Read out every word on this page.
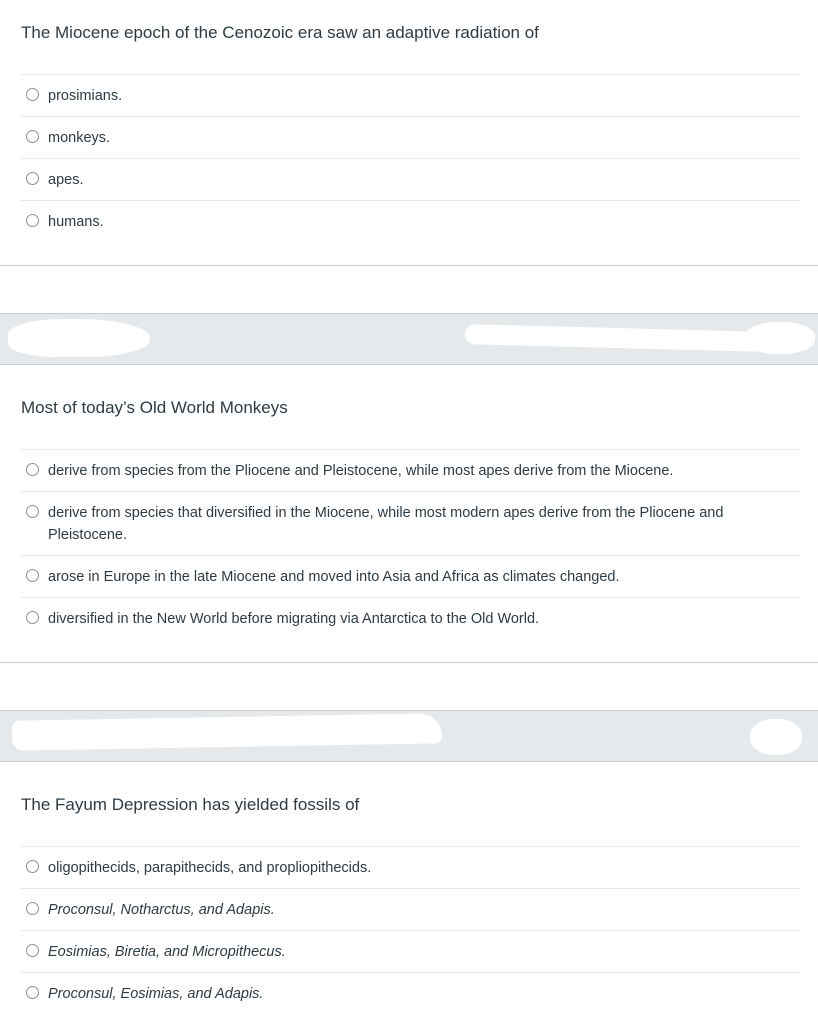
The Miocene epoch of the Cenozoic era saw an adaptive radiation of
prosimians.
monkeys.
apes.
humans.
Most of today’s Old World Monkeys
derive from species from the Pliocene and Pleistocene, while most apes derive from the Miocene.
derive from species that diversified in the Miocene, while most modern apes derive from the Pliocene and Pleistocene.
arose in Europe in the late Miocene and moved into Asia and Africa as climates changed.
diversified in the New World before migrating via Antarctica to the Old World.
The Fayum Depression has yielded fossils of
oligopithecids, parapithecids, and propliopithecids.
Proconsul, Notharctus, and Adapis.
Eosimias, Biretia, and Micropithecus.
Proconsul, Eosimias, and Adapis.
